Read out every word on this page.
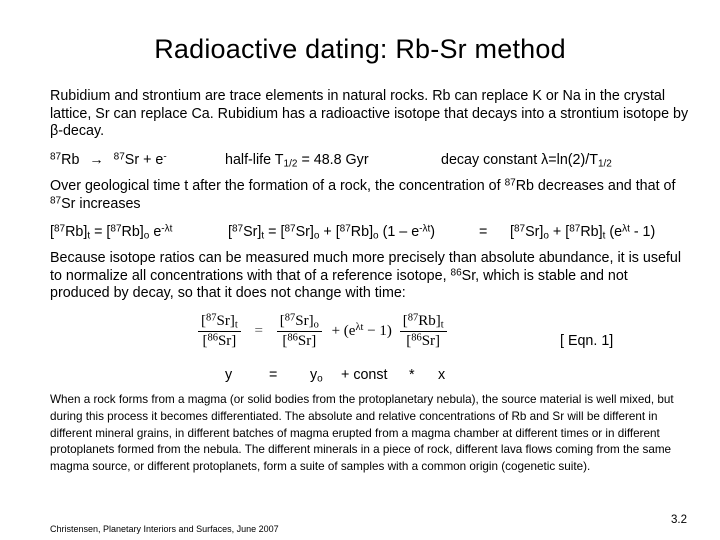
Radioactive dating: Rb-Sr method
Rubidium and strontium are trace elements in natural rocks. Rb can replace K or Na in the crystal lattice, Sr can replace Ca. Rubidium has a radioactive isotope that decays into a strontium isotope by β-decay.
$^{87}$Rb → $^{87}$Sr + e-	half-life $T_{1/2} = 48.8$ Gyr	decay constant $\lambda=\ln(2)/T_{1/2}$
Over geological time t after the formation of a rock, the concentration of $^{87}$Rb decreases and that of $^{87}$Sr increases
$[^{87}Rb]_t = [^{87}Rb]_o$ $e^{-\lambda t}$	$[^{87}Sr]_t = [^{87}Sr]_o + [^{87}Rb]_o$ $(1 - e^{-\lambda t})$	= $[^{87}Sr]_o + [^{87}Rb]_t$ $(e^{\lambda t} - 1)$
Because isotope ratios can be measured much more precisely than absolute abundance, it is useful to normalize all concentrations with that of a reference isotope, $^{86}$Sr, which is stable and not produced by decay, so that it does not change with time:
$\frac{[^{87}Sr]_t}{[^{86}Sr]} = \frac{[^{87}Sr]_o}{[^{86}Sr]} + (e^{\lambda t} - 1) \frac{[^{87}Rb]_t}{[^{86}Sr]}$	[ Eqn. 1]
y	= $y_o$ + const * x
When a rock forms from a magma (or solid bodies from the protoplanetary nebula), the source material is well mixed, but during this process it becomes differentiated. The absolute and relative concentrations of Rb and Sr will be different in different mineral grains, in different batches of magma erupted from a magma chamber at different times or in different protoplanets formed from the nebula. The different minerals in a piece of rock, different lava flows coming from the same magma source, or different protoplanets, form a suite of samples with a common origin (cogenetic suite).
3.2
Christensen, Planetary Interiors and Surfaces, June 2007
